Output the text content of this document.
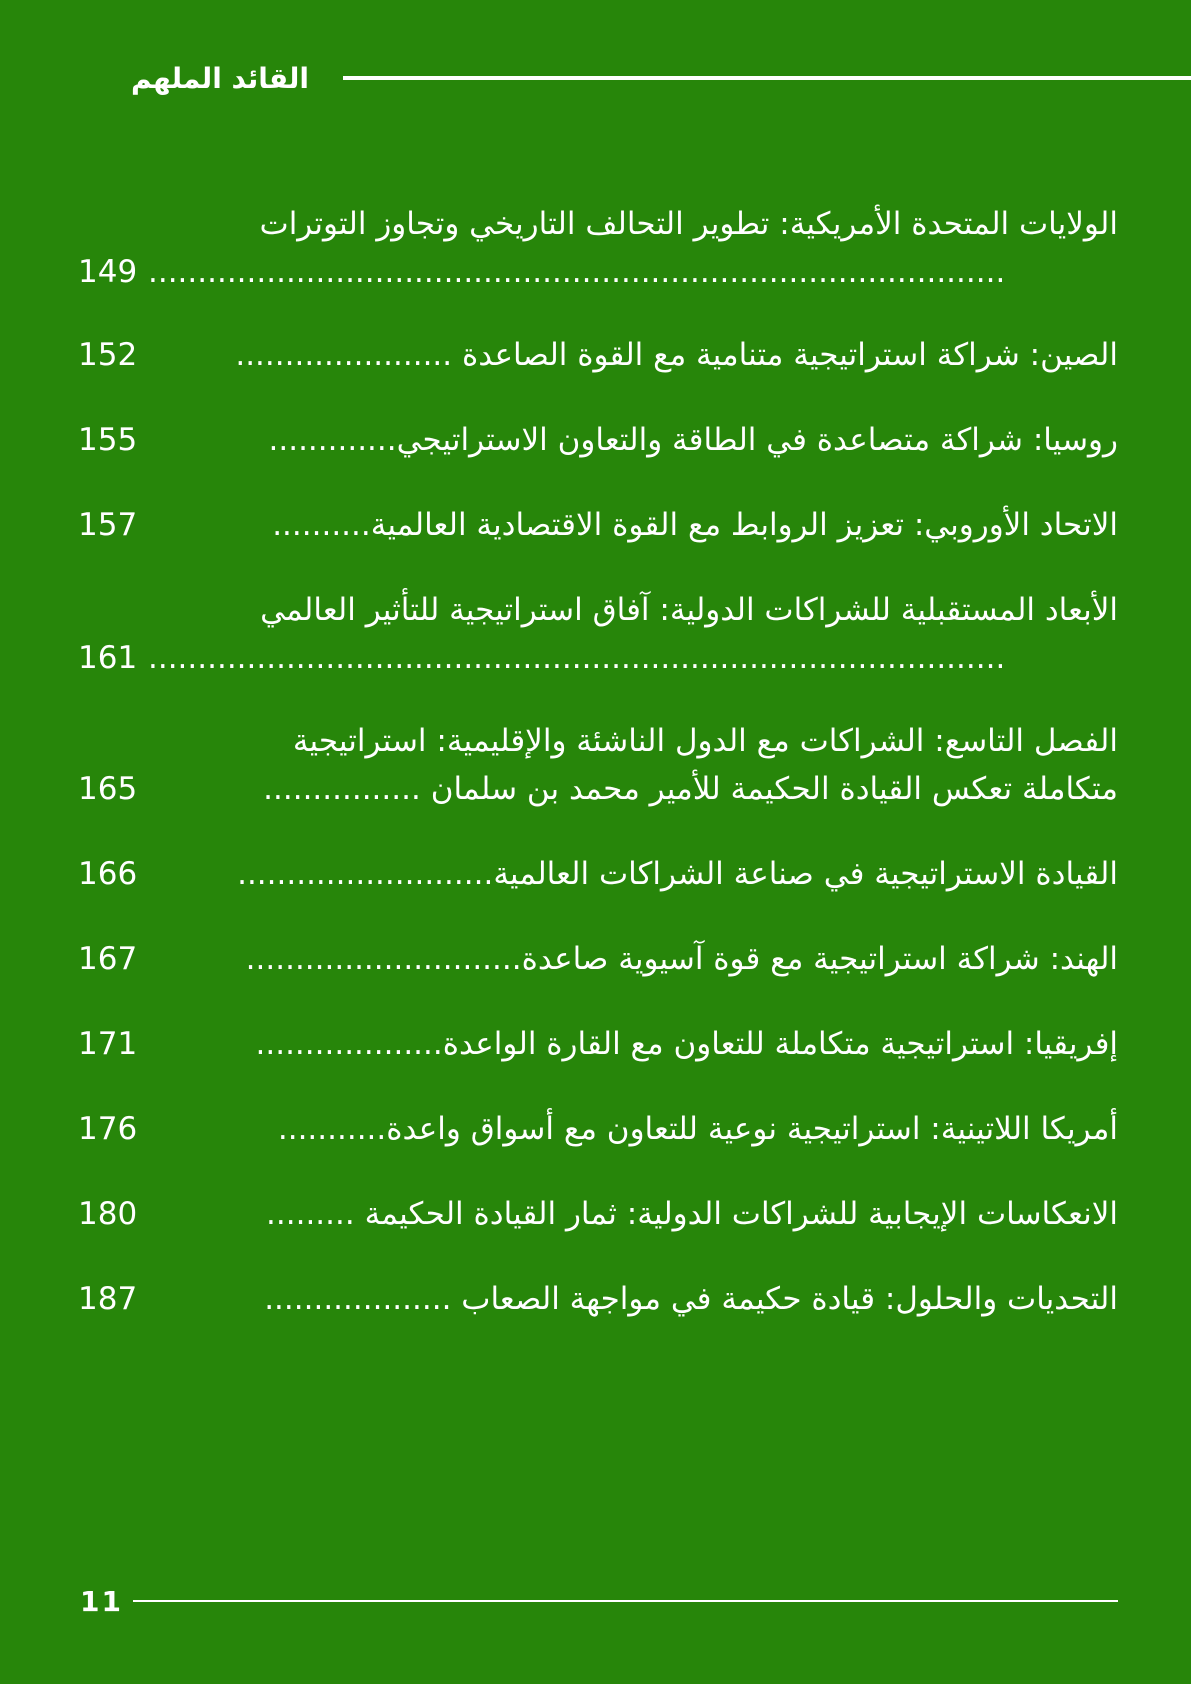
القائد الملهم
الولايات المتحدة الأمريكية: تطوير التحالف التاريخي وتجاوز التوترات
.......................................................................................
149
الصين: شراكة استراتيجية متنامية مع القوة الصاعدة ......................
152
روسيا: شراكة متصاعدة في الطاقة والتعاون الاستراتيجي.............
155
الاتحاد الأوروبي: تعزيز الروابط مع القوة الاقتصادية العالمية..........
157
الأبعاد المستقبلية للشراكات الدولية: آفاق استراتيجية للتأثير العالمي
.......................................................................................
161
الفصل التاسع: الشراكات مع الدول الناشئة والإقليمية: استراتيجية
متكاملة تعكس القيادة الحكيمة للأمير محمد بن سلمان ................
165
القيادة الاستراتيجية في صناعة الشراكات العالمية..........................
166
الهند: شراكة استراتيجية مع قوة آسيوية صاعدة............................
167
إفريقيا: استراتيجية متكاملة للتعاون مع القارة الواعدة...................
171
أمريكا اللاتينية: استراتيجية نوعية للتعاون مع أسواق واعدة...........
176
الانعكاسات الإيجابية للشراكات الدولية: ثمار القيادة الحكيمة .........
180
التحديات والحلول: قيادة حكيمة في مواجهة الصعاب ...................
187
11
